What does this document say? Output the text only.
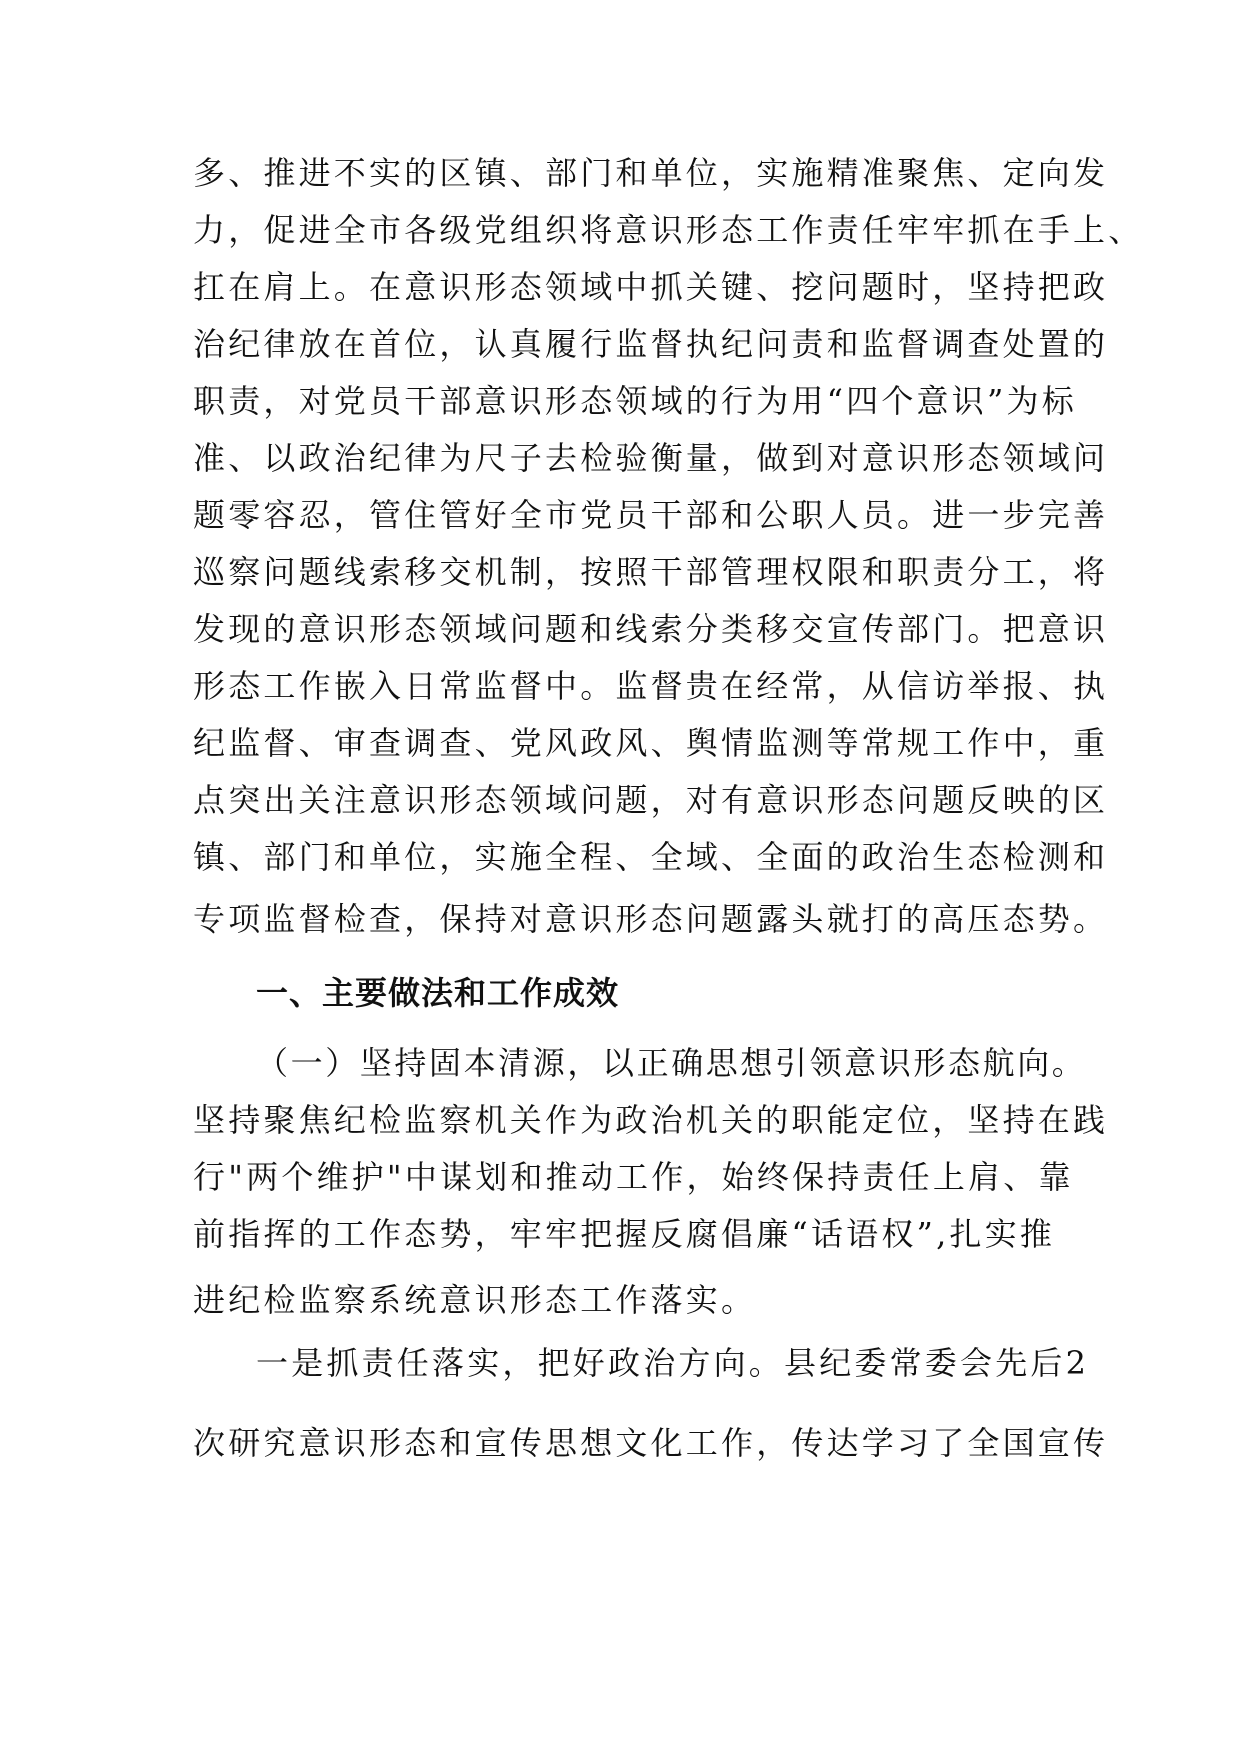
多、推进不实的区镇、部门和单位，实施精准聚焦、定向发
力，促进全市各级党组织将意识形态工作责任牢牢抓在手上、
扛在肩上。在意识形态领域中抓关键、挖问题时，坚持把政
治纪律放在首位，认真履行监督执纪问责和监督调查处置的
职责，对党员干部意识形态领域的行为用“四个意识”为标
准、以政治纪律为尺子去检验衡量，做到对意识形态领域问
题零容忍，管住管好全市党员干部和公职人员。进一步完善
巡察问题线索移交机制，按照干部管理权限和职责分工，将
发现的意识形态领域问题和线索分类移交宣传部门。把意识
形态工作嵌入日常监督中。监督贵在经常，从信访举报、执
纪监督、审查调查、党风政风、舆情监测等常规工作中，重
点突出关注意识形态领域问题，对有意识形态问题反映的区
镇、部门和单位，实施全程、全域、全面的政治生态检测和
专项监督检查，保持对意识形态问题露头就打的高压态势。
一、主要做法和工作成效
（一）坚持固本清源，以正确思想引领意识形态航向。
坚持聚焦纪检监察机关作为政治机关的职能定位，坚持在践
行"两个维护"中谋划和推动工作，始终保持责任上肩、靠
前指挥的工作态势，牢牢把握反腐倡廉“话语权”,扎实推
进纪检监察系统意识形态工作落实。
一是抓责任落实，把好政治方向。县纪委常委会先后2
次研究意识形态和宣传思想文化工作，传达学习了全国宣传
